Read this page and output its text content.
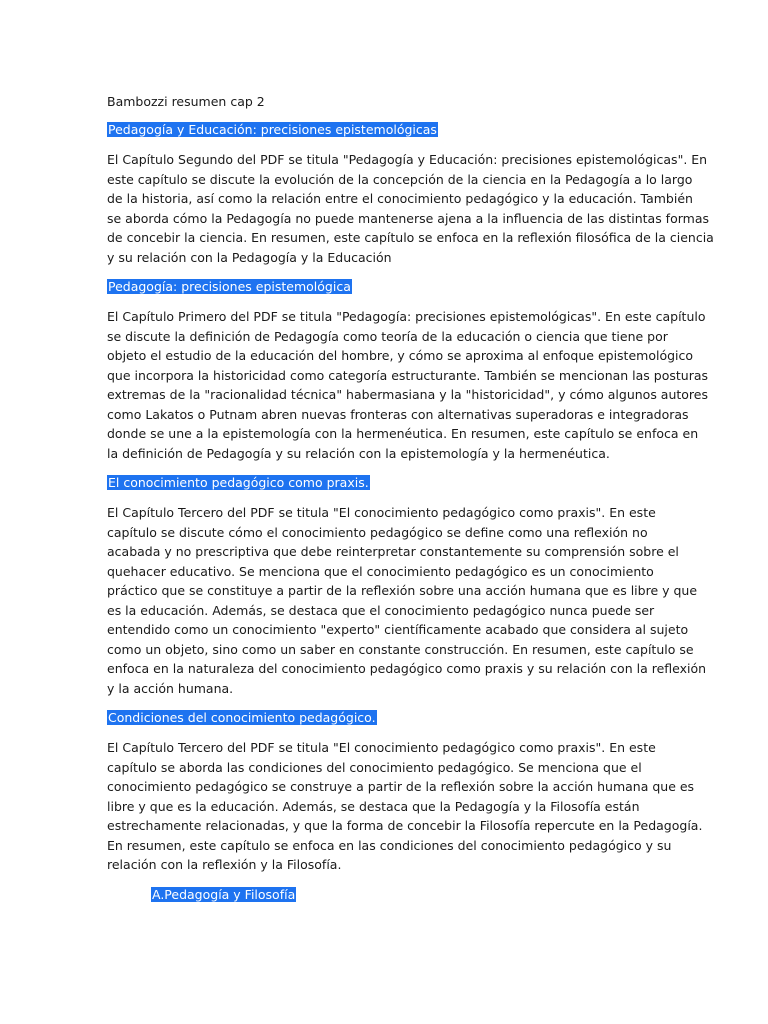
Bambozzi resumen cap 2
Pedagogía y Educación: precisiones epistemológicas
El Capítulo Segundo del PDF se titula "Pedagogía y Educación: precisiones epistemológicas". En
este capítulo se discute la evolución de la concepción de la ciencia en la Pedagogía a lo largo
de la historia, así como la relación entre el conocimiento pedagógico y la educación. También
se aborda cómo la Pedagogía no puede mantenerse ajena a la influencia de las distintas formas
de concebir la ciencia. En resumen, este capítulo se enfoca en la reflexión filosófica de la ciencia
y su relación con la Pedagogía y la Educación
Pedagogía: precisiones epistemológica
El Capítulo Primero del PDF se titula "Pedagogía: precisiones epistemológicas". En este capítulo
se discute la definición de Pedagogía como teoría de la educación o ciencia que tiene por
objeto el estudio de la educación del hombre, y cómo se aproxima al enfoque epistemológico
que incorpora la historicidad como categoría estructurante. También se mencionan las posturas
extremas de la "racionalidad técnica" habermasiana y la "historicidad", y cómo algunos autores
como Lakatos o Putnam abren nuevas fronteras con alternativas superadoras e integradoras
donde se une a la epistemología con la hermenéutica. En resumen, este capítulo se enfoca en
la definición de Pedagogía y su relación con la epistemología y la hermenéutica.
El conocimiento pedagógico como praxis.
El Capítulo Tercero del PDF se titula "El conocimiento pedagógico como praxis". En este
capítulo se discute cómo el conocimiento pedagógico se define como una reflexión no
acabada y no prescriptiva que debe reinterpretar constantemente su comprensión sobre el
quehacer educativo. Se menciona que el conocimiento pedagógico es un conocimiento
práctico que se constituye a partir de la reflexión sobre una acción humana que es libre y que
es la educación. Además, se destaca que el conocimiento pedagógico nunca puede ser
entendido como un conocimiento "experto" científicamente acabado que considera al sujeto
como un objeto, sino como un saber en constante construcción. En resumen, este capítulo se
enfoca en la naturaleza del conocimiento pedagógico como praxis y su relación con la reflexión
y la acción humana.
Condiciones del conocimiento pedagógico.
El Capítulo Tercero del PDF se titula "El conocimiento pedagógico como praxis". En este
capítulo se aborda las condiciones del conocimiento pedagógico. Se menciona que el
conocimiento pedagógico se construye a partir de la reflexión sobre la acción humana que es
libre y que es la educación. Además, se destaca que la Pedagogía y la Filosofía están
estrechamente relacionadas, y que la forma de concebir la Filosofía repercute en la Pedagogía.
En resumen, este capítulo se enfoca en las condiciones del conocimiento pedagógico y su
relación con la reflexión y la Filosofía.
A.Pedagogía y Filosofía
